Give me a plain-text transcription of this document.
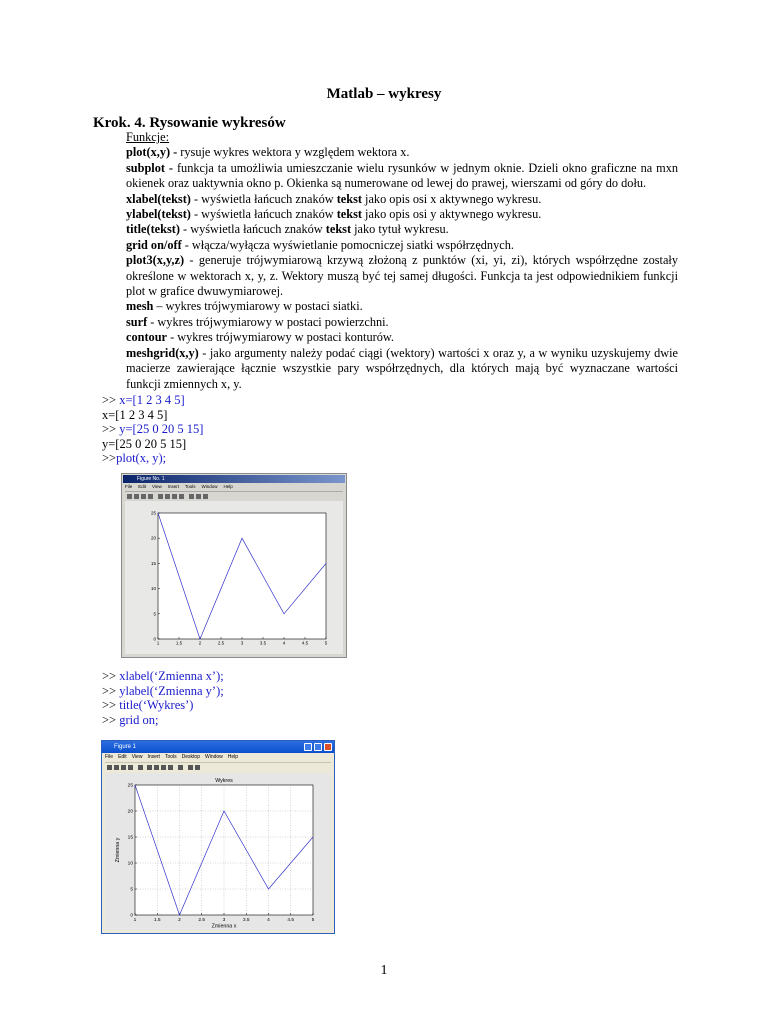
Matlab – wykresy
Krok. 4. Rysowanie wykresów

Funkcje:

plot(x,y) - rysuje wykres wektora y względem wektora x.

subplot - funkcja ta umożliwia umieszczanie wielu rysunków w jednym oknie. Dzieli okno graficzne na mxn okienek oraz uaktywnia okno p. Okienka są numerowane od lewej do prawej, wierszami od góry do dołu.

xlabel(tekst) - wyświetla łańcuch znaków tekst jako opis osi x aktywnego wykresu.

ylabel(tekst) - wyświetla łańcuch znaków tekst jako opis osi y aktywnego wykresu.

title(tekst) - wyświetla łańcuch znaków tekst jako tytuł wykresu.

grid on/off - włącza/wyłącza wyświetlanie pomocniczej siatki współrzędnych.

plot3(x,y,z) - generuje trójwymiarową krzywą złożoną z punktów (xi, yi, zi), których współrzędne zostały określone w wektorach x, y, z. Wektory muszą być tej samej długości. Funkcja ta jest odpowiednikiem funkcji plot w grafice dwuwymiarowej.

mesh – wykres trójwymiarowy w postaci siatki.

surf - wykres trójwymiarowy w postaci powierzchni.

contour - wykres trójwymiarowy w postaci konturów.

meshgrid(x,y) - jako argumenty należy podać ciągi (wektory) wartości x oraz y, a w wyniku uzyskujemy dwie macierze zawierające łącznie wszystkie pary współrzędnych, dla których mają być wyznaczane wartości funkcji zmiennych x, y.

>> x=[1 2 3 4 5]
x=[1 2 3 4 5]
>> y=[25 0 20 5 15]
y=[25 0 20 5 15]
>>plot(x, y);
Figure No. 1
File Edit View Insert Tools Window Help
1	1.5	2	2.5	3	3.5	4	4.5	5
0
5
10
15
20
25
>> xlabel(‘Zmienna x’);
>> ylabel(‘Zmienna y’);
>> title(‘Wykres’)
>> grid on;
Figure 1
File Edit View Insert Tools Desktop Window Help
1	1.5	2	2.5	3	3.5	4	4.5	5
0
5
10
15
20
25
Wykres
Zmienna x
Zmienna y
1
